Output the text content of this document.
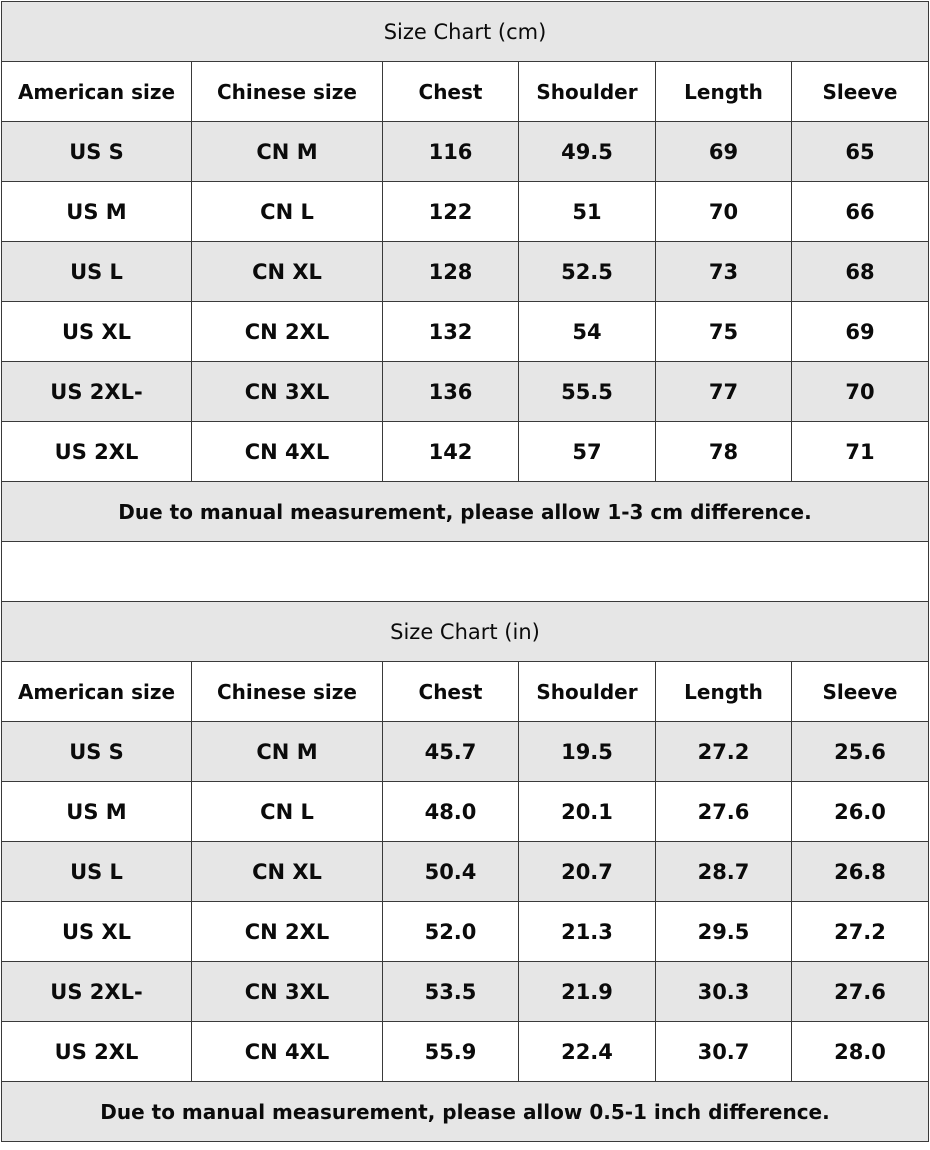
Size Chart (cm)
American size	Chinese size	Chest	Shoulder	Length	Sleeve
US S	CN M	116	49.5	69	65
US M	CN L	122	51	70	66
US L	CN XL	128	52.5	73	68
US XL	CN 2XL	132	54	75	69
US 2XL-	CN 3XL	136	55.5	77	70
US 2XL	CN 4XL	142	57	78	71
Due to manual measurement, please allow 1-3 cm difference.
Size Chart (in)
American size	Chinese size	Chest	Shoulder	Length	Sleeve
US S	CN M	45.7	19.5	27.2	25.6
US M	CN L	48.0	20.1	27.6	26.0
US L	CN XL	50.4	20.7	28.7	26.8
US XL	CN 2XL	52.0	21.3	29.5	27.2
US 2XL-	CN 3XL	53.5	21.9	30.3	27.6
US 2XL	CN 4XL	55.9	22.4	30.7	28.0
Due to manual measurement, please allow 0.5-1 inch difference.
